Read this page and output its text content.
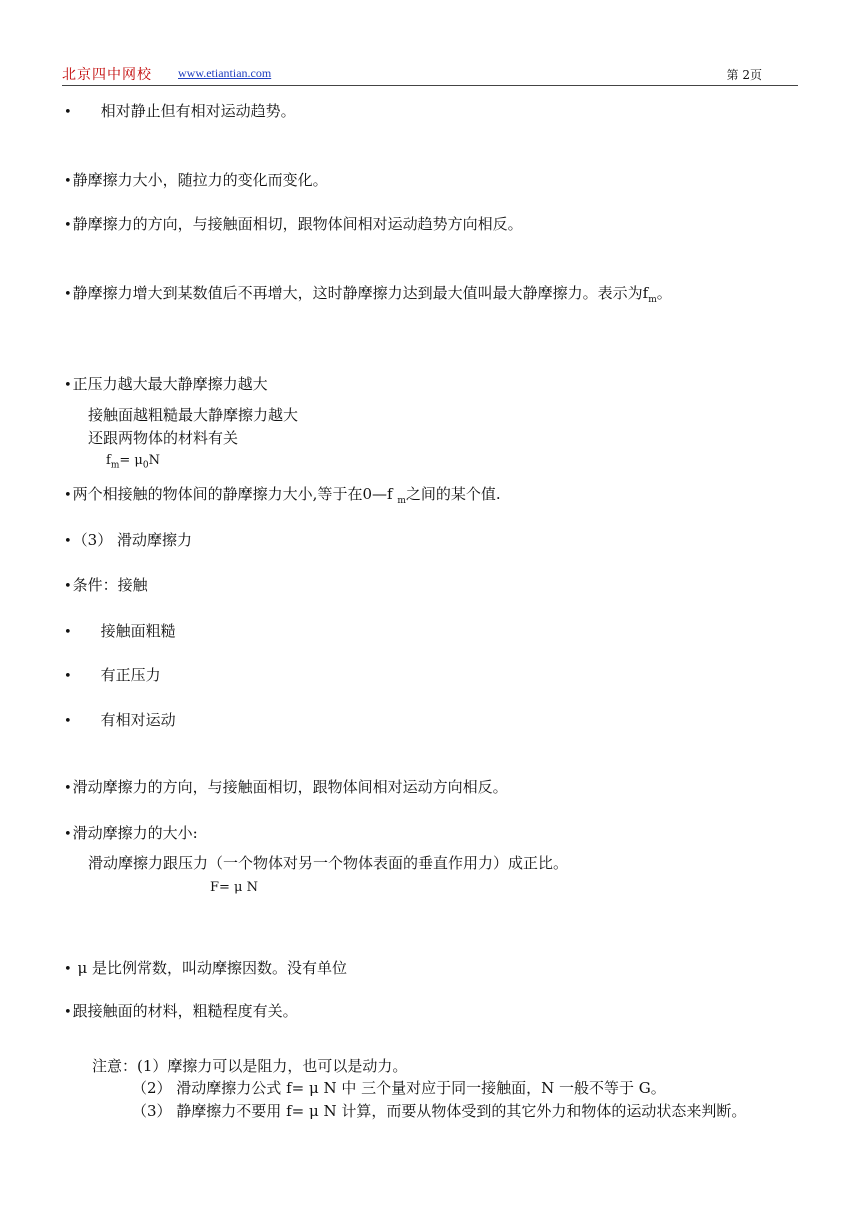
北京四中网校 www.etiantian.com	第 2页
• 相对静止但有相对运动趋势。
•静摩擦力大小，随拉力的变化而变化。
•静摩擦力的方向，与接触面相切，跟物体间相对运动趋势方向相反。
•静摩擦力增大到某数值后不再增大，这时静摩擦力达到最大值叫最大静摩擦力。表示为$f_m$。
•正压力越大最大静摩擦力越大
接触面越粗糙最大静摩擦力越大
还跟两物体的材料有关
$f_m= \mu_0N$
•两个相接触的物体间的静摩擦力大小,等于在0—f $_m$之间的某个值.
•（3） 滑动摩擦力
•条件：接触
• 接触面粗糙
• 有正压力
• 有相对运动
•滑动摩擦力的方向，与接触面相切，跟物体间相对运动方向相反。
•滑动摩擦力的大小:
滑动摩擦力跟压力（一个物体对另一个物体表面的垂直作用力）成正比。
F= μ N
• μ 是比例常数，叫动摩擦因数。没有单位
•跟接触面的材料，粗糙程度有关。
注意：(1）摩擦力可以是阻力，也可以是动力。
（2） 滑动摩擦力公式 f= μ N 中 三个量对应于同一接触面，N 一般不等于 G。
（3） 静摩擦力不要用 f= μ N 计算，而要从物体受到的其它外力和物体的运动状态来判断。
